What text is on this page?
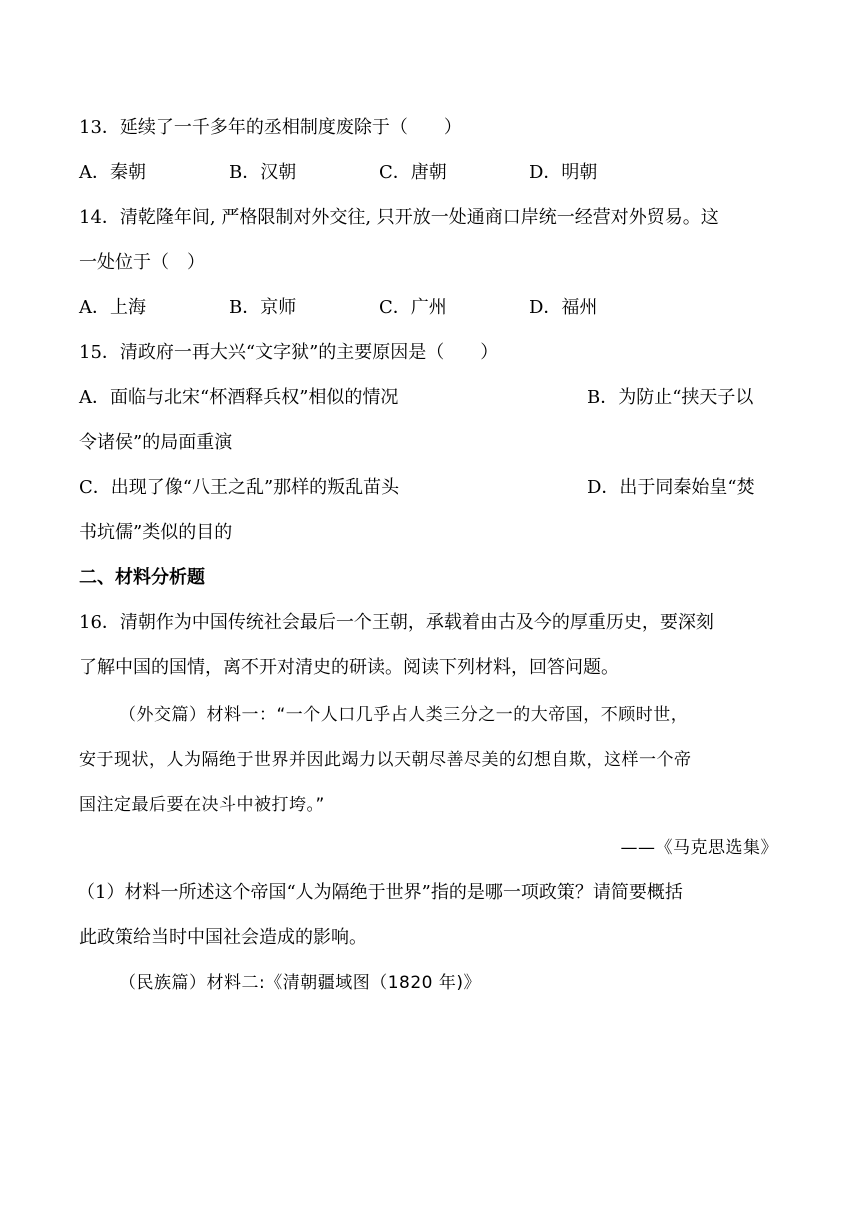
13．延续了一千多年的丞相制度废除于（　　）
A．秦朝	B．汉朝	C．唐朝	D．明朝
14．清乾隆年间, 严格限制对外交往, 只开放一处通商口岸统一经营对外贸易。这
一处位于（　）
A．上海	B．京师	C．广州	D．福州
15．清政府一再大兴“文字狱”的主要原因是（　　）
A．面临与北宋“杯酒释兵权”相似的情况	B．为防止“挟天子以
令诸侯”的局面重演
C．出现了像“八王之乱”那样的叛乱苗头	D．出于同秦始皇“焚
书坑儒”类似的目的
二、材料分析题
16．清朝作为中国传统社会最后一个王朝，承载着由古及今的厚重历史，要深刻
了解中国的国情，离不开对清史的研读。阅读下列材料，回答问题。
（外交篇）材料一：“一个人口几乎占人类三分之一的大帝国，不顾时世，
安于现状，人为隔绝于世界并因此竭力以天朝尽善尽美的幻想自欺，这样一个帝
国注定最后要在决斗中被打垮。”
——《马克思选集》
（1）材料一所述这个帝国“人为隔绝于世界”指的是哪一项政策？请简要概括
此政策给当时中国社会造成的影响。
（民族篇）材料二:《清朝疆域图（1820 年)》
